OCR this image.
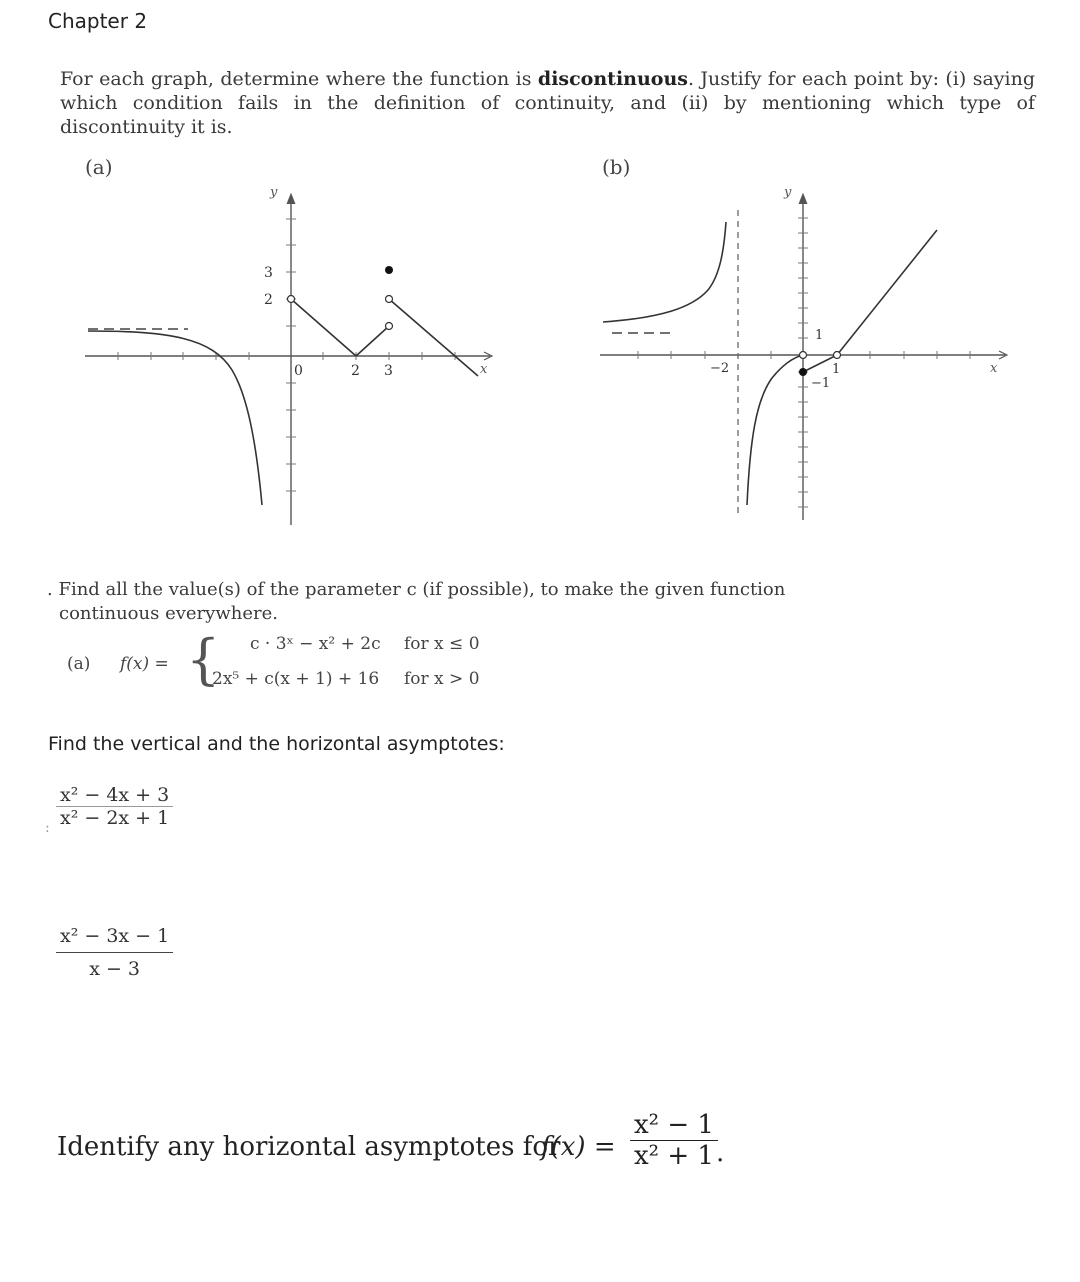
Chapter 2
For each graph, determine where the function is discontinuous. Justify for each point by: (i) saying which condition fails in the definition of continuity, and (ii) by mentioning which type of discontinuity it is.
(a)
y
x
3
2
0	2 3
(b)
y
x
−2
1
1
−1
. Find all the value(s) of the parameter c (if possible), to make the given function
continuous everywhere.
(a) f(x) = { c · 3ˣ − x² + 2c for x ≤ 0
2x⁵ + c(x + 1) + 16 for x > 0
Find the vertical and the horizontal asymptotes:
: $\frac{\text{x² − 4x + 3}}{\text{x² − 2x + 1}}$
$\frac{\text{x² − 3x − 1}}{x - 3}$
Identify any horizontal asymptotes for
$f(x) = \frac{\text{x² − 1}}{\text{x² + 1}}$
.
